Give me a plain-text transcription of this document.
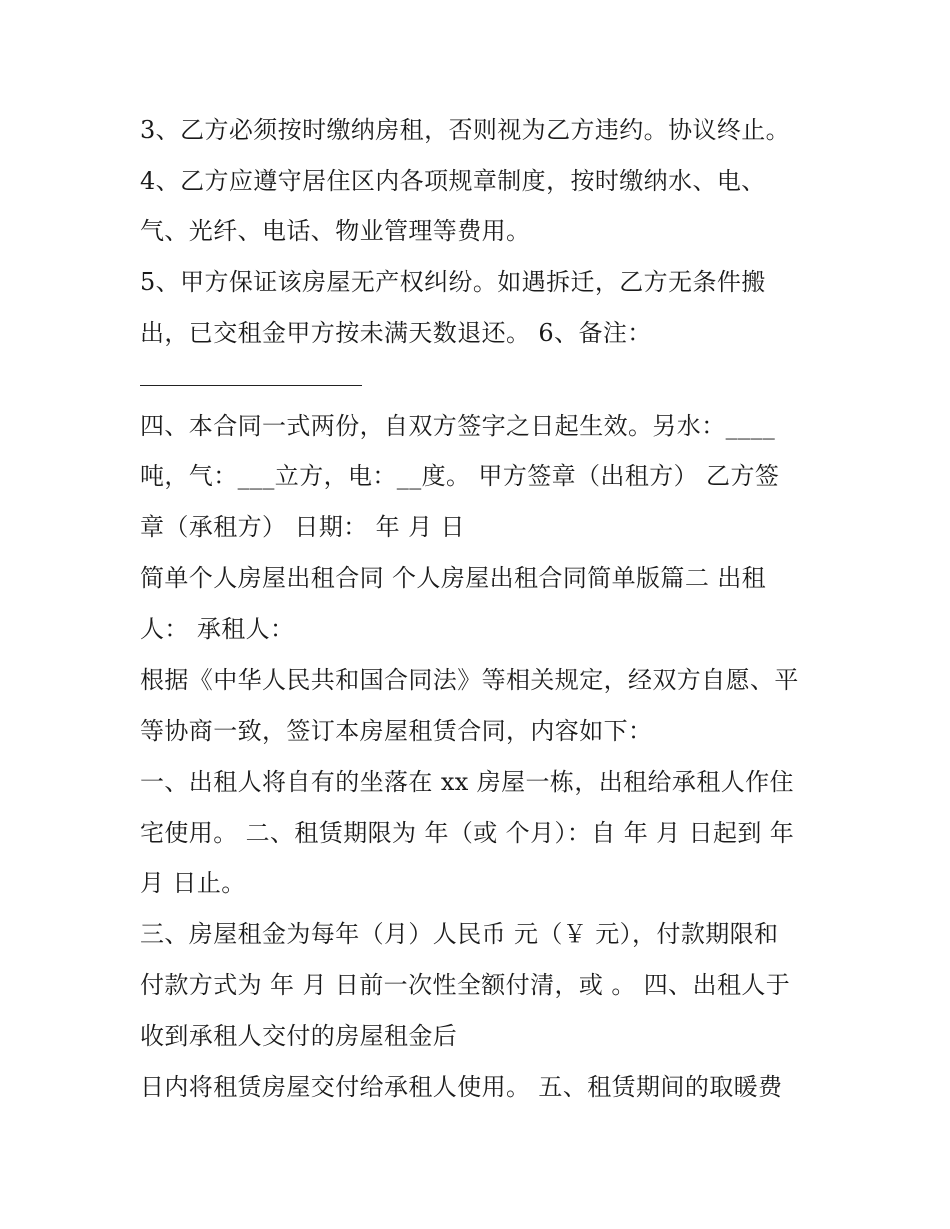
3、乙方必须按时缴纳房租，否则视为乙方违约。协议终止。
4、乙方应遵守居住区内各项规章制度，按时缴纳水、电、
气、光纤、电话、物业管理等费用。
5、甲方保证该房屋无产权纠纷。如遇拆迁，乙方无条件搬
出，已交租金甲方按未满天数退还。 6、备注：
四、本合同一式两份，自双方签字之日起生效。另水：____
吨，气：___立方，电：__度。 甲方签章（出租方） 乙方签
章（承租方） 日期： 年 月 日
简单个人房屋出租合同 个人房屋出租合同简单版篇二 出租
人： 承租人：
根据《中华人民共和国合同法》等相关规定，经双方自愿、平
等协商一致，签订本房屋租赁合同，内容如下：
一、出租人将自有的坐落在 xx 房屋一栋，出租给承租人作住
宅使用。 二、租赁期限为 年（或 个月）：自 年 月 日起到 年
月 日止。
三、房屋租金为每年（月）人民币 元（￥ 元），付款期限和
付款方式为 年 月 日前一次性全额付清，或 。 四、出租人于
收到承租人交付的房屋租金后
日内将租赁房屋交付给承租人使用。 五、租赁期间的取暖费
